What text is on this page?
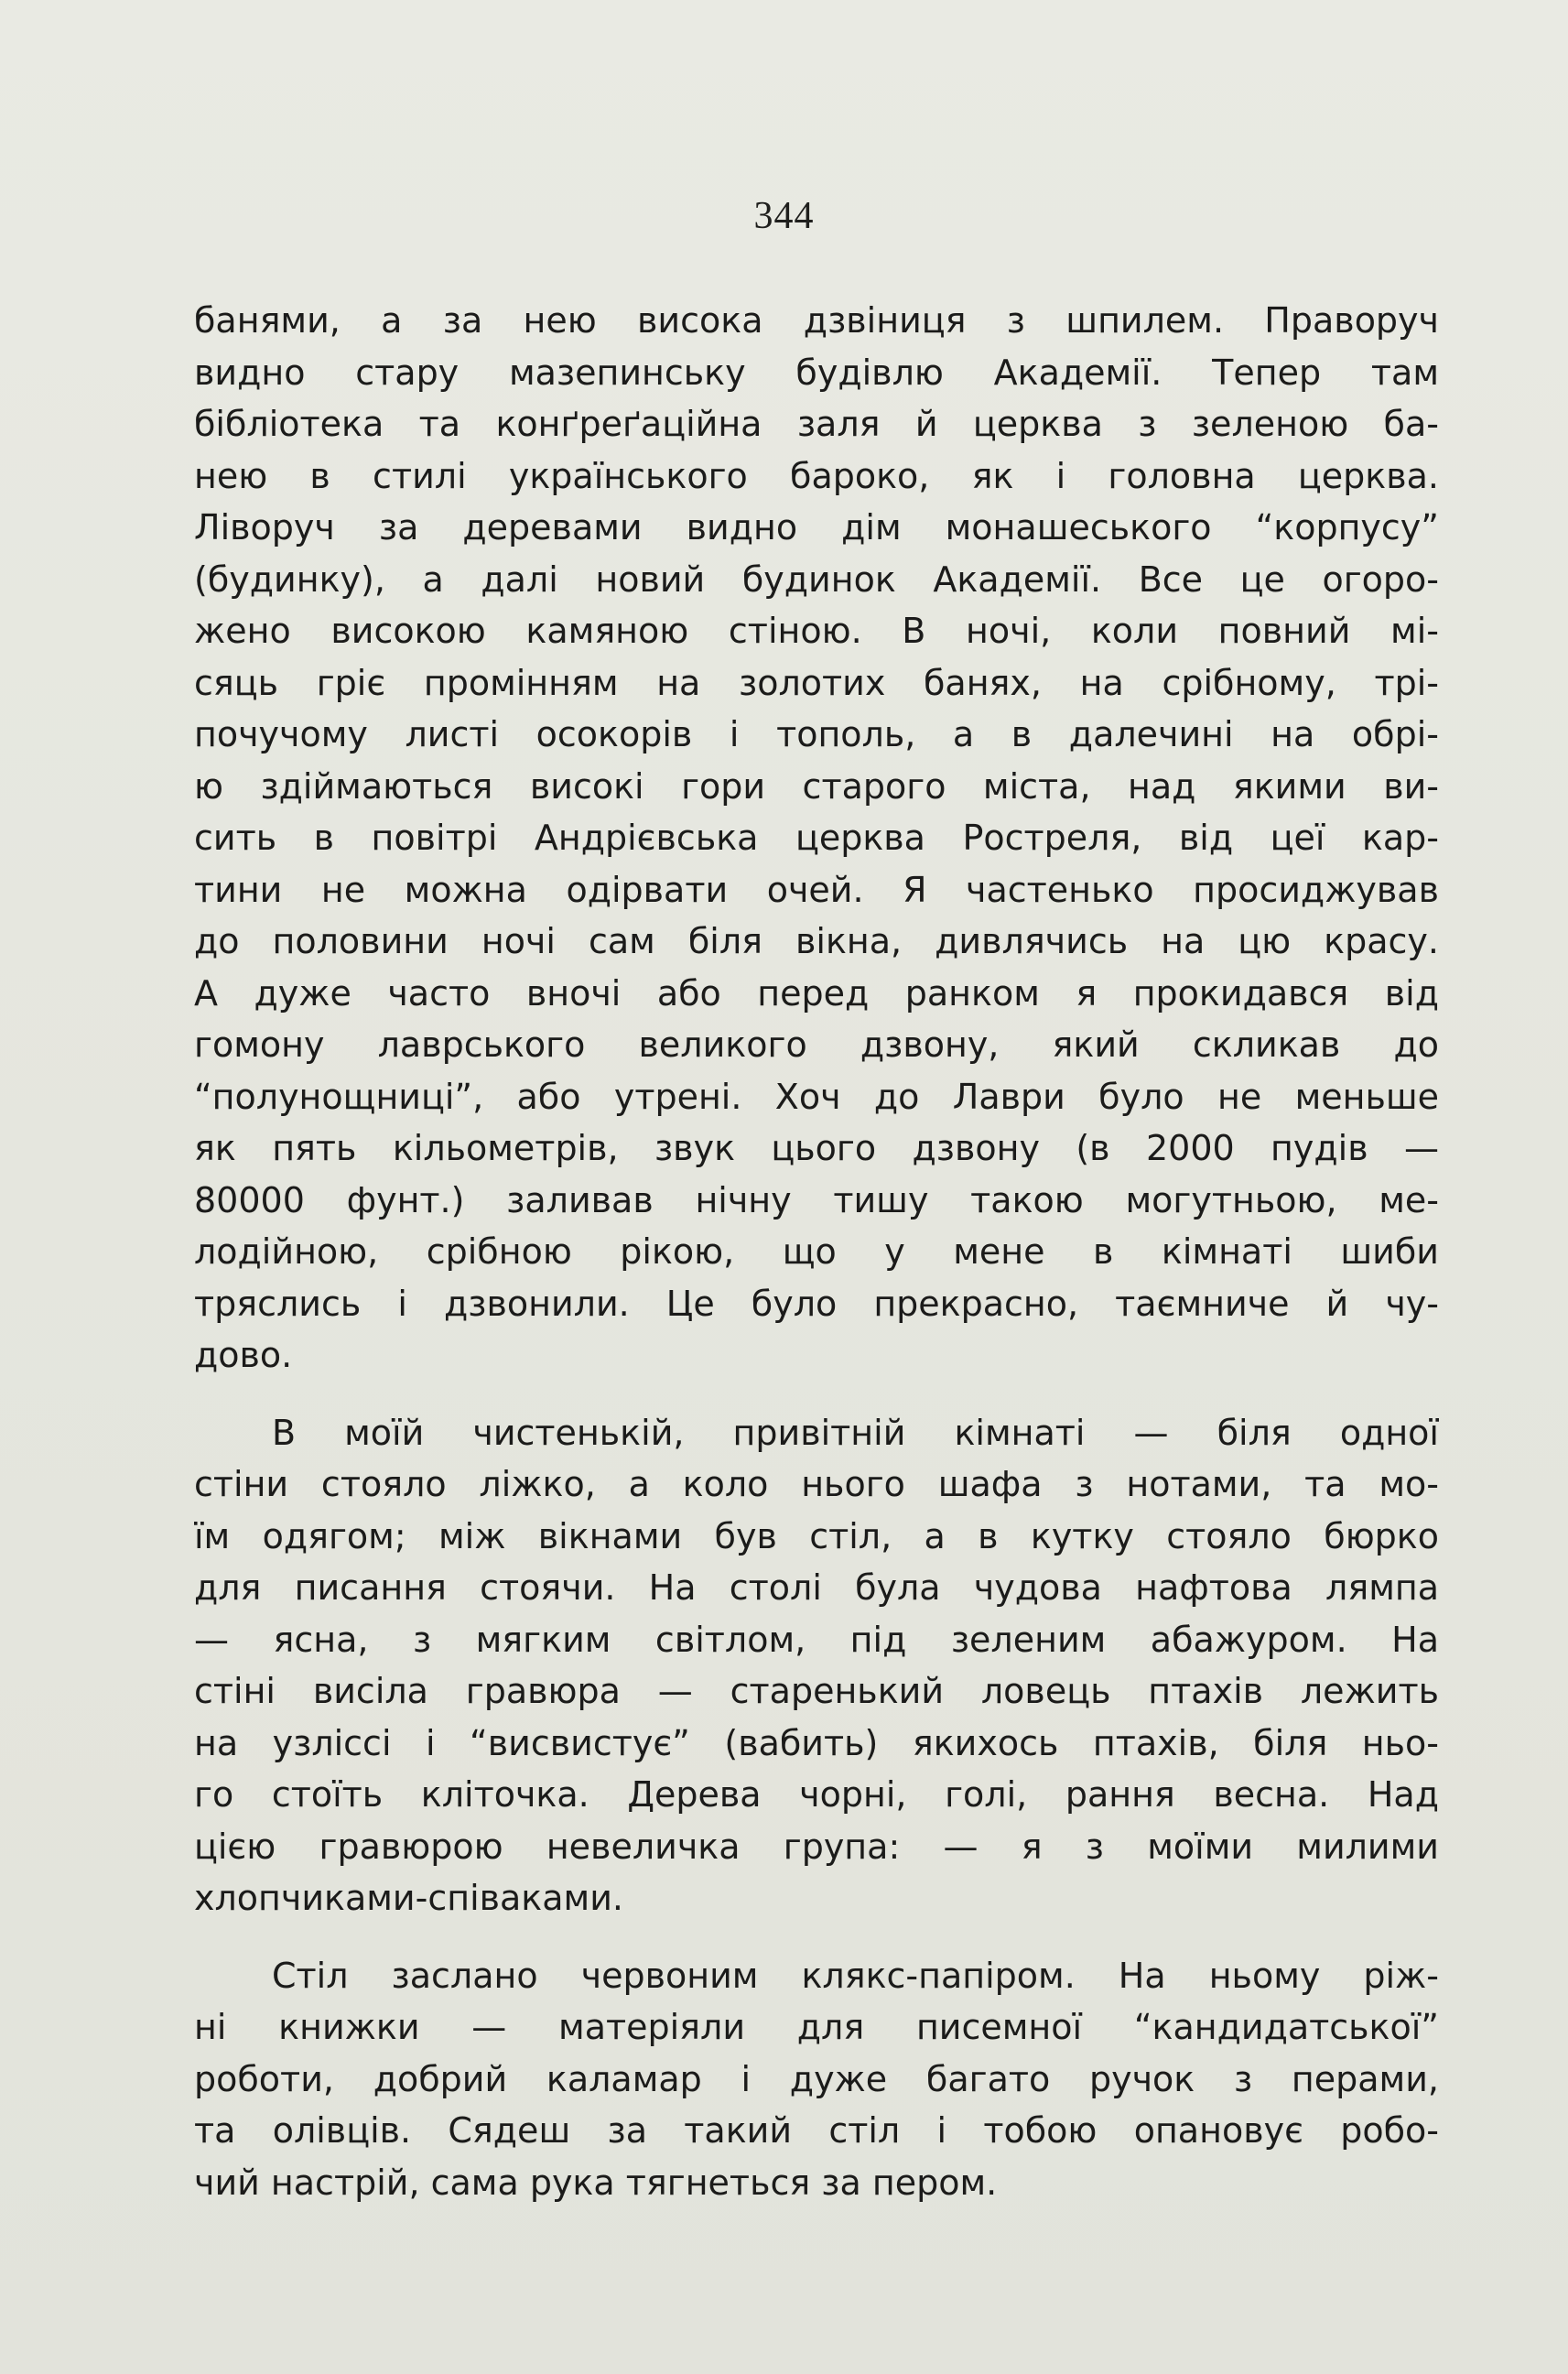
344
банями, а за нею висока дзвіниця з шпилем. Праворуч
видно стару мазепинську будівлю Академії. Тепер там
бібліотека та конґреґаційна заля й церква з зеленою ба-
нею в стилі українського бароко, як і головна церква.
Ліворуч за деревами видно дім монашеського “корпусу”
(будинку), а далі новий будинок Академії. Все це огоро-
жено високою камяною стіною. В ночі, коли повний мі-
сяць гріє промінням на золотих банях, на срібному, трі-
почучому листі осокорів і тополь, а в далечині на обрі-
ю здіймаються високі гори старого міста, над якими ви-
сить в повітрі Андрієвська церква Ростреля, від цеї кар-
тини не можна одірвати очей. Я частенько просиджував
до половини ночі сам біля вікна, дивлячись на цю красу.
А дуже часто вночі або перед ранком я прокидався від
гомону лаврського великого дзвону, який скликав до
“полунощниці”, або утрені. Хоч до Лаври було не меньше
як пять кільометрів, звук цього дзвону (в 2000 пудів —
80000 фунт.) заливав нічну тишу такою могутньою, ме-
лодійною, срібною рікою, що у мене в кімнаті шиби
тряслись і дзвонили. Це було прекрасно, таємниче й чу-
дово.
В моїй чистенькій, привітній кімнаті — біля одної
стіни стояло ліжко, а коло нього шафа з нотами, та мо-
їм одягом; між вікнами був стіл, а в кутку стояло бюрко
для писання стоячи. На столі була чудова нафтова лямпа
— ясна, з мягким світлом, під зеленим абажуром. На
стіні висіла гравюра — старенький ловець птахів лежить
на узліссі і “висвистує” (вабить) якихось птахів, біля ньо-
го стоїть кліточка. Дерева чорні, голі, рання весна. Над
цією гравюрою невеличка група: — я з моїми милими
хлопчиками-співаками.
Стіл заслано червоним клякс-папіром. На ньому ріж-
ні книжки — матеріяли для писемної “кандидатської”
роботи, добрий каламар і дуже багато ручок з перами,
та олівців. Сядеш за такий стіл і тобою опановує робо-
чий настрій, сама рука тягнеться за пером.
